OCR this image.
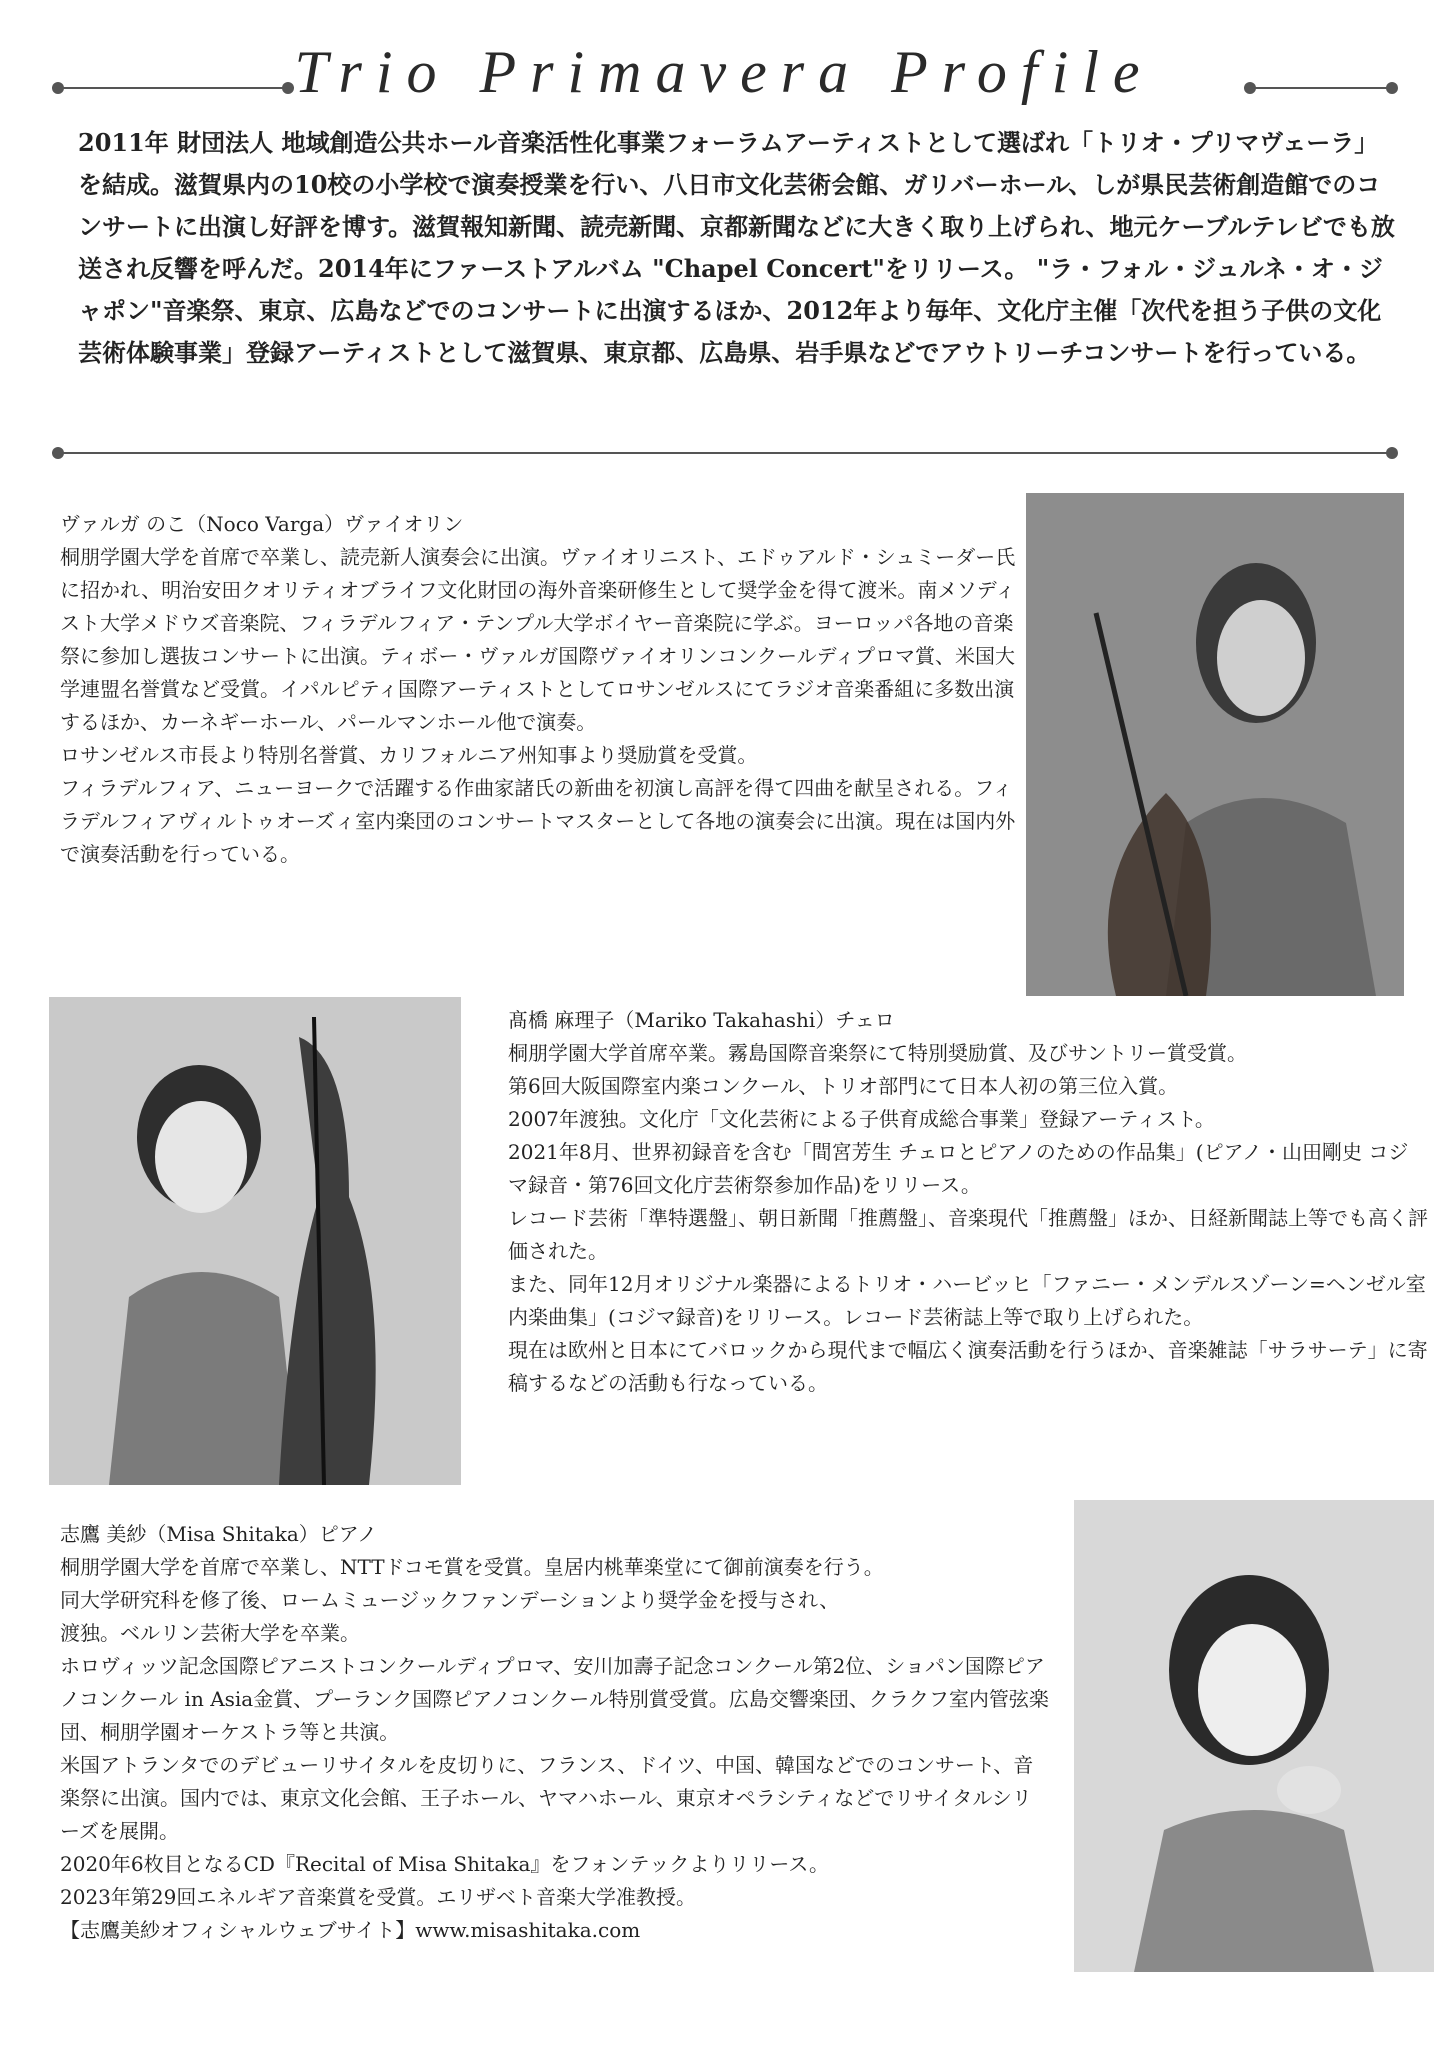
Trio Primavera Profile
2011年 財団法人 地域創造公共ホール音楽活性化事業フォーラムアーティストとして選ばれ「トリオ・プリマヴェーラ」を結成。滋賀県内の10校の小学校で演奏授業を行い、八日市文化芸術会館、ガリバーホール、しが県民芸術創造館でのコンサートに出演し好評を博す。滋賀報知新聞、読売新聞、京都新聞などに大きく取り上げられ、地元ケーブルテレビでも放送され反響を呼んだ。2014年にファーストアルバム "Chapel Concert"をリリース。 "ラ・フォル・ジュルネ・オ・ジャポン"音楽祭、東京、広島などでのコンサートに出演するほか、2012年より毎年、文化庁主催「次代を担う子供の文化芸術体験事業」登録アーティストとして滋賀県、東京都、広島県、岩手県などでアウトリーチコンサートを行っている。

ヴァルガ のこ（Noco Varga）ヴァイオリン

桐朋学園大学を首席で卒業し、読売新人演奏会に出演。ヴァイオリニスト、エドゥアルド・シュミーダー氏に招かれ、明治安田クオリティオブライフ文化財団の海外音楽研修生として奨学金を得て渡米。南メソディスト大学メドウズ音楽院、フィラデルフィア・テンプル大学ボイヤー音楽院に学ぶ。ヨーロッパ各地の音楽祭に参加し選抜コンサートに出演。ティボー・ヴァルガ国際ヴァイオリンコンクールディプロマ賞、米国大学連盟名誉賞など受賞。イパルピティ国際アーティストとしてロサンゼルスにてラジオ音楽番組に多数出演するほか、カーネギーホール、パールマンホール他で演奏。

ロサンゼルス市長より特別名誉賞、カリフォルニア州知事より奨励賞を受賞。

フィラデルフィア、ニューヨークで活躍する作曲家諸氏の新曲を初演し高評を得て四曲を献呈される。フィラデルフィアヴィルトゥオーズィ室内楽団のコンサートマスターとして各地の演奏会に出演。現在は国内外で演奏活動を行っている。

髙橋 麻理子（Mariko Takahashi）チェロ

桐朋学園大学首席卒業。霧島国際音楽祭にて特別奨励賞、及びサントリー賞受賞。

第6回大阪国際室内楽コンクール、トリオ部門にて日本人初の第三位入賞。

2007年渡独。文化庁「文化芸術による子供育成総合事業」登録アーティスト。

2021年8月、世界初録音を含む「間宮芳生 チェロとピアノのための作品集」(ピアノ・山田剛史 コジマ録音・第76回文化庁芸術祭参加作品)をリリース。

レコード芸術「準特選盤」、朝日新聞「推薦盤」、音楽現代「推薦盤」ほか、日経新聞誌上等でも高く評価された。

また、同年12月オリジナル楽器によるトリオ・ハービッヒ「ファニー・メンデルスゾーン=ヘンゼル室内楽曲集」(コジマ録音)をリリース。レコード芸術誌上等で取り上げられた。

現在は欧州と日本にてバロックから現代まで幅広く演奏活動を行うほか、音楽雑誌「サラサーテ」に寄稿するなどの活動も行なっている。

志鷹 美紗（Misa Shitaka）ピアノ

桐朋学園大学を首席で卒業し、NTTドコモ賞を受賞。皇居内桃華楽堂にて御前演奏を行う。

同大学研究科を修了後、ロームミュージックファンデーションより奨学金を授与され、

渡独。ベルリン芸術大学を卒業。

ホロヴィッツ記念国際ピアニストコンクールディプロマ、安川加壽子記念コンクール第2位、ショパン国際ピアノコンクール in Asia金賞、プーランク国際ピアノコンクール特別賞受賞。広島交響楽団、クラクフ室内管弦楽団、桐朋学園オーケストラ等と共演。

米国アトランタでのデビューリサイタルを皮切りに、フランス、ドイツ、中国、韓国などでのコンサート、音楽祭に出演。国内では、東京文化会館、王子ホール、ヤマハホール、東京オペラシティなどでリサイタルシリーズを展開。

2020年6枚目となるCD『Recital of Misa Shitaka』をフォンテックよりリリース。

2023年第29回エネルギア音楽賞を受賞。エリザベト音楽大学准教授。

【志鷹美紗オフィシャルウェブサイト】www.misashitaka.com
